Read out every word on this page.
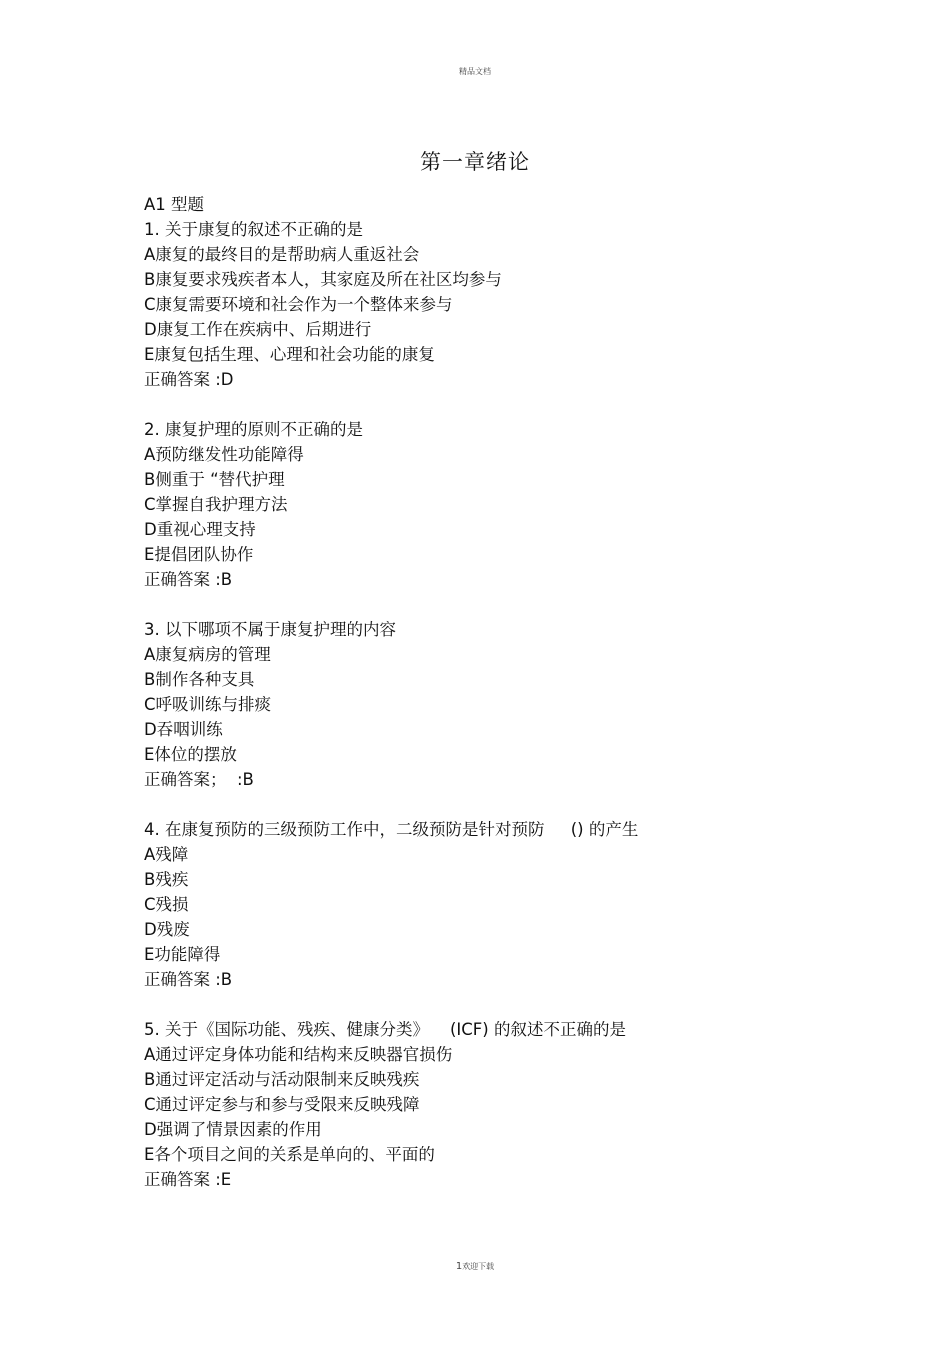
精品文档
第一章绪论
A1 型题
1. 关于康复的叙述不正确的是
A康复的最终目的是帮助病人重返社会
B康复要求残疾者本人，其家庭及所在社区均参与
C康复需要环境和社会作为一个整体来参与
D康复工作在疾病中、后期进行
E康复包括生理、心理和社会功能的康复
正确答案 :D
2. 康复护理的原则不正确的是
A预防继发性功能障得
B侧重于 “替代护理
C掌握自我护理方法
D重视心理支持
E提倡团队协作
正确答案 :B
3. 以下哪项不属于康复护理的内容
A康复病房的管理
B制作各种支具
C呼吸训练与排痰
D吞咽训练
E体位的摆放
正确答案；  :B
4. 在康复预防的三级预防工作中，二级预防是针对预防     () 的产生
A残障
B残疾
C残损
D残废
E功能障得
正确答案 :B
5. 关于《国际功能、残疾、健康分类》    (ICF) 的叙述不正确的是
A通过评定身体功能和结构来反映器官损伤
B通过评定活动与活动限制来反映残疾
C通过评定参与和参与受限来反映残障
D强调了情景因素的作用
E各个项目之间的关系是单向的、平面的
正确答案 :E
1欢迎下载
